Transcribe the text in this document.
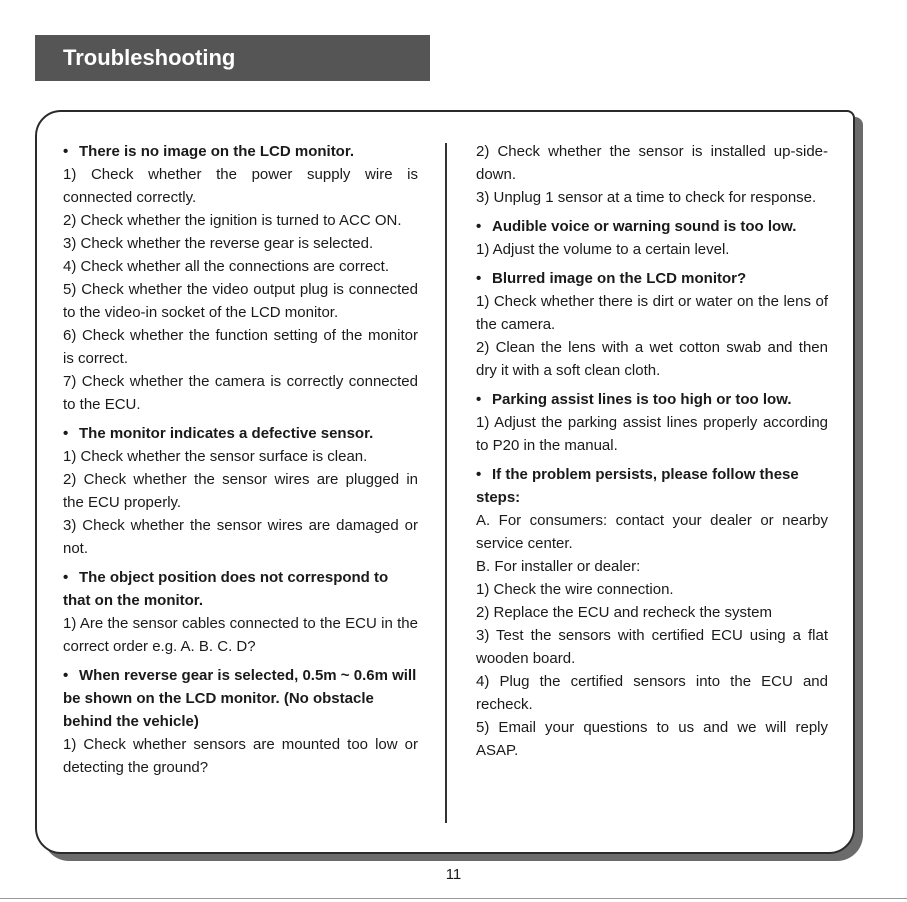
Troubleshooting

• There is no image on the LCD monitor.

1) Check whether the power supply wire is connected correctly.

2) Check whether the ignition is turned to ACC ON.

3) Check whether the reverse gear is selected.

4) Check whether all the connections are correct.

5) Check whether the video output plug is connected to the video-in socket of the LCD monitor.

6) Check whether the function setting of the monitor is correct.

7) Check whether the camera is correctly connected to the ECU.

• The monitor indicates a defective sensor.

1) Check whether the sensor surface is clean.

2) Check whether the sensor wires are plugged in the ECU properly.

3) Check whether the sensor wires are damaged or not.

• The object position does not correspond to that on the monitor.

1) Are the sensor cables connected to the ECU in the correct order e.g. A. B. C. D?

• When reverse gear is selected, 0.5m ~ 0.6m will be shown on the LCD monitor. (No obstacle behind the vehicle)

1) Check whether sensors are mounted too low or detecting the ground?

2) Check whether the sensor is installed up-side-down.

3) Unplug 1 sensor at a time to check for response.

• Audible voice or warning sound is too low.

1) Adjust the volume to a certain level.

• Blurred image on the LCD monitor?

1) Check whether there is dirt or water on the lens of the camera.

2) Clean the lens with a wet cotton swab and then dry it with a soft clean cloth.

• Parking assist lines is too high or too low.

1) Adjust the parking assist lines properly according to P20 in the manual.

• If the problem persists, please follow these steps:

A. For consumers: contact your dealer or nearby service center.

B. For installer or dealer:

1) Check the wire connection.

2) Replace the ECU and recheck the system

3) Test the sensors with certified ECU using a flat wooden board.

4) Plug the certified sensors into the ECU and recheck.

5) Email your questions to us and we will reply ASAP.

11
